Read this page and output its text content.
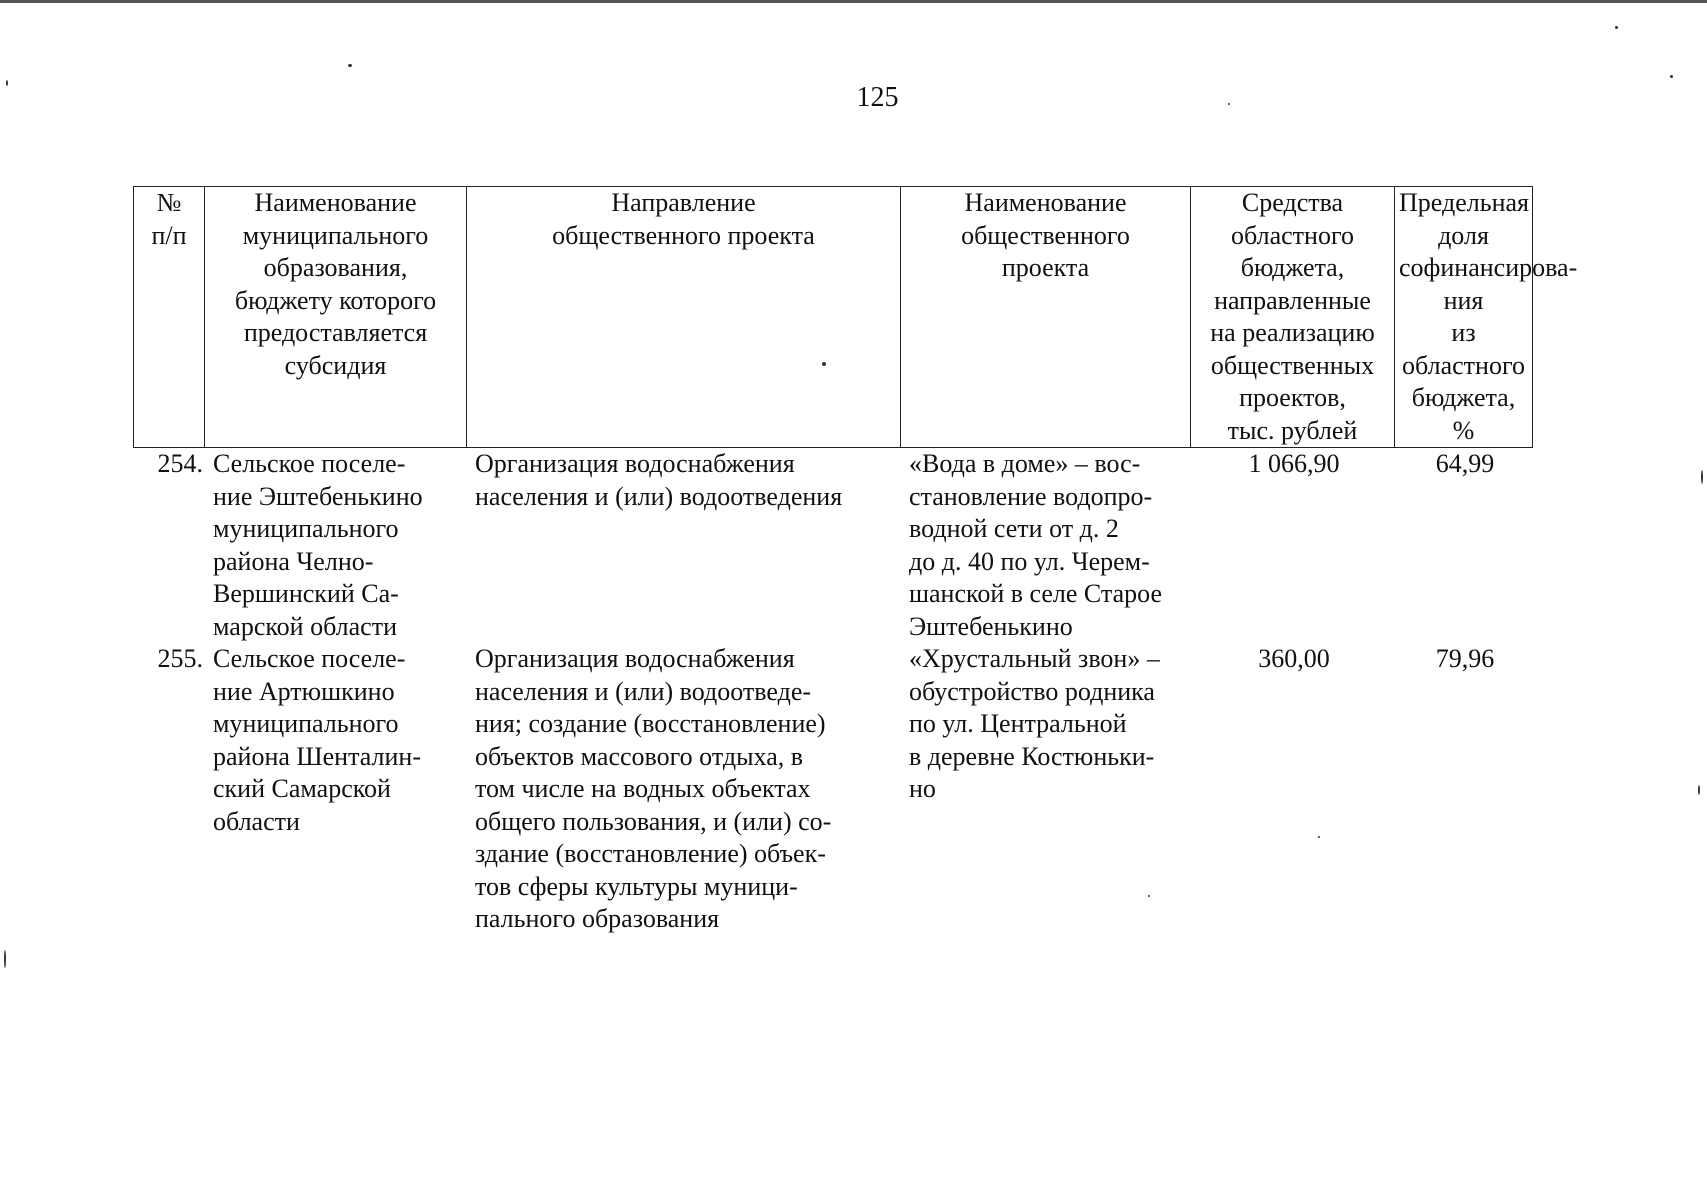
125
№
п/п
Наименование
муниципального
образования,
бюджету которого
предоставляется
субсидия
Направление
общественного проекта
Наименование
общественного
проекта
Средства
областного
бюджета,
направленные
на реализацию
общественных
проектов,
тыс. рублей
Предельная доля
софинансирова-
ния
из областного
бюджета, %
254. Сельское поселе-
ние Эштебенькино
муниципального
района Челно-
Вершинский Са-
марской области
Организация водоснабжения
населения и (или) водоотведения
«Вода в доме» – вос-
становление водопро-
водной сети от д. 2
до д. 40 по ул. Черем-
шанской в селе Старое
Эштебенькино
1 066,90	64,99
255. Сельское поселе-
ние Артюшкино
муниципального
района Шенталин-
ский Самарской
области
Организация водоснабжения
населения и (или) водоотведе-
ния; создание (восстановление)
объектов массового отдыха, в
том числе на водных объектах
общего пользования, и (или) со-
здание (восстановление) объек-
тов сферы культуры муници-
пального образования
«Хрустальный звон» –
обустройство родника
по ул. Центральной
в деревне Костюньки-
но
360,00	79,96
